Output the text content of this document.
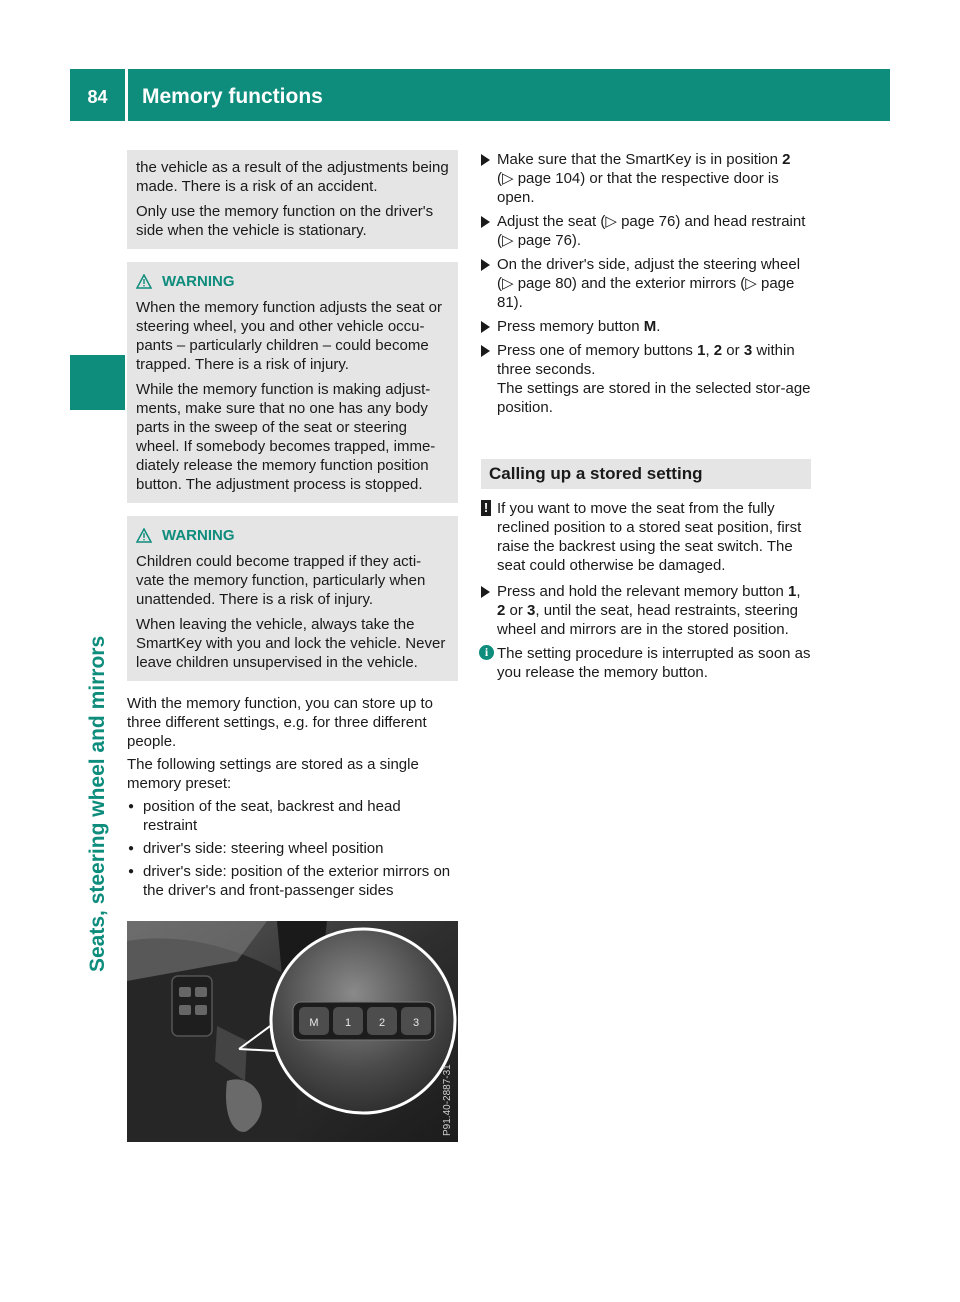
84	Memory functions
Seats, steering wheel and mirrors

the vehicle as a result of the adjustments being made. There is a risk of an accident.

Only use the memory function on the driver's side when the vehicle is stationary.

WARNING

When the memory function adjusts the seat or steering wheel, you and other vehicle occu-pants – particularly children – could become trapped. There is a risk of injury.

While the memory function is making adjust-ments, make sure that no one has any body parts in the sweep of the seat or steering wheel. If somebody becomes trapped, imme-diately release the memory function position button. The adjustment process is stopped.

WARNING

Children could become trapped if they acti-vate the memory function, particularly when unattended. There is a risk of injury.

When leaving the vehicle, always take the SmartKey with you and lock the vehicle. Never leave children unsupervised in the vehicle.

With the memory function, you can store up to three different settings, e.g. for three different people.

The following settings are stored as a single memory preset:

● position of the seat, backrest and head restraint
● driver's side: steering wheel position
● driver's side: position of the exterior mirrors on the driver's and front-passenger sides
M 1	2	3
P91.40-2887-31
Make sure that the SmartKey is in position 2 (▷ page 104) or that the respective door is open.
Adjust the seat (▷ page 76) and head restraint (▷ page 76).
On the driver's side, adjust the steering wheel (▷ page 80) and the exterior mirrors (▷ page 81).
Press memory button M.
Press one of memory buttons 1, 2 or 3 within three seconds.
The settings are stored in the selected stor-age position.
Calling up a stored setting
! If you want to move the seat from the fully reclined position to a stored seat position, first raise the backrest using the seat switch. The seat could otherwise be damaged.
Press and hold the relevant memory button 1, 2 or 3, until the seat, head restraints, steering wheel and mirrors are in the stored position.
i The setting procedure is interrupted as soon as you release the memory button.
